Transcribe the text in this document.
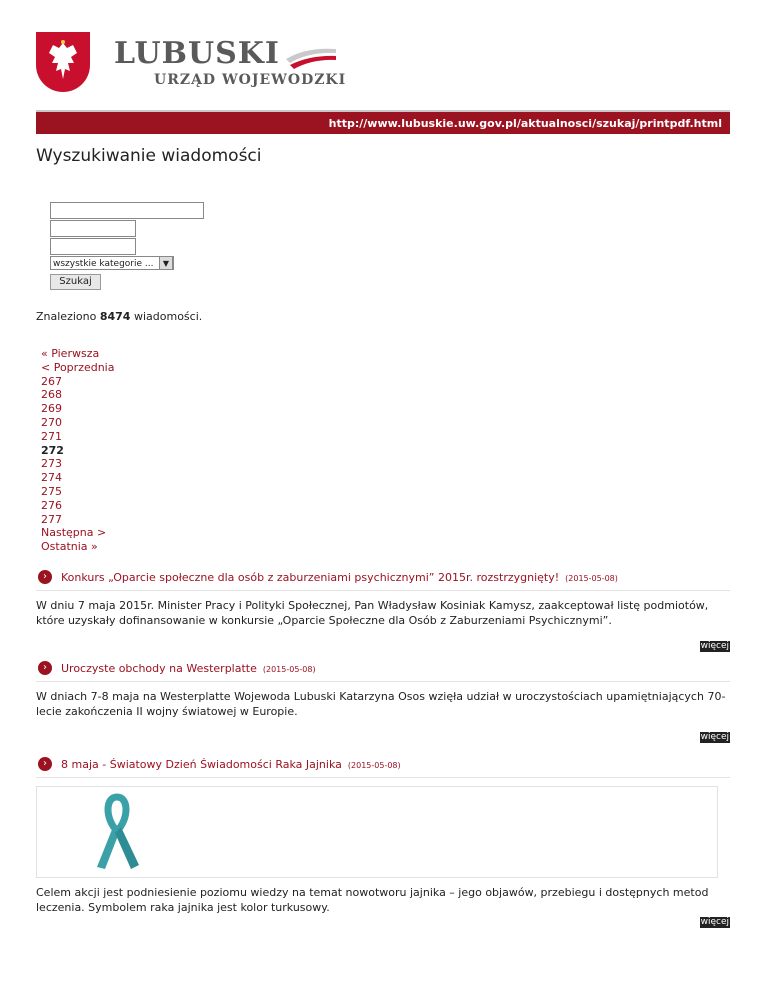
LUBUSKI
URZĄD WOJEWODZKI
http://www.lubuskie.uw.gov.pl/aktualnosci/szukaj/printpdf.html
Wyszukiwanie wiadomości
wszystkie kategorie ...	▼
Szukaj
Znaleziono 8474 wiadomości.
« Pierwsza
< Poprzednia
267
268
269
270
271
272
273
274
275
276
277
Następna >
Ostatnia »
›	Konkurs „Oparcie społeczne dla osób z zaburzeniami psychicznymi” 2015r. rozstrzygnięty! (2015-05-08)
W dniu 7 maja 2015r. Minister Pracy i Polityki Społecznej, Pan Władysław Kosiniak Kamysz, zaakceptował listę podmiotów, które uzyskały dofinansowanie w konkursie „Oparcie Społeczne dla Osób z Zaburzeniami Psychicznymi”.
więcej
›	Uroczyste obchody na Westerplatte (2015-05-08)
W dniach 7-8 maja na Westerplatte Wojewoda Lubuski Katarzyna Osos wzięła udział w uroczystościach upamiętniających 70-lecie zakończenia II wojny światowej w Europie.
więcej
›	8 maja - Światowy Dzień Świadomości Raka Jajnika (2015-05-08)
Celem akcji jest podniesienie poziomu wiedzy na temat nowotworu jajnika – jego objawów, przebiegu i dostępnych metod leczenia. Symbolem raka jajnika jest kolor turkusowy.
więcej
